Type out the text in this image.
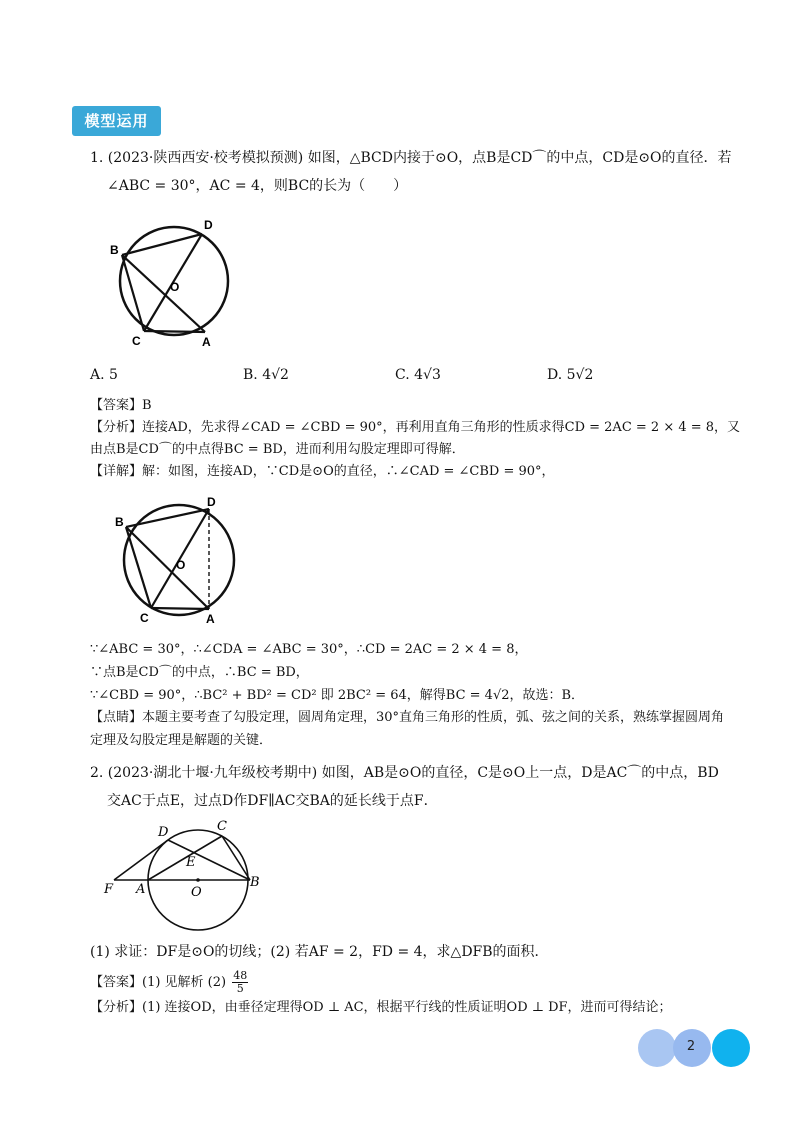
模型运用
1. (2023·陕西西安·校考模拟预测) 如图，△BCD内接于⊙O，点B是CD⌒的中点，CD是⊙O的直径．若
∠ABC = 30°，AC = 4，则BC的长为（　　）
B
D
O
C	A
A. 5	B. 4√2	C. 4√3	D. 5√2
【答案】B
【分析】连接AD，先求得∠CAD = ∠CBD = 90°，再利用直角三角形的性质求得CD = 2AC = 2 × 4 = 8，又
由点B是CD⌒的中点得BC = BD，进而利用勾股定理即可得解．
【详解】解：如图，连接AD，∵CD是⊙O的直径，∴∠CAD = ∠CBD = 90°，
B
D
O
C	A
∵∠ABC = 30°，∴∠CDA = ∠ABC = 30°，∴CD = 2AC = 2 × 4 = 8，
∵点B是CD⌒的中点，∴BC = BD，
∵∠CBD = 90°，∴BC² + BD² = CD² 即 2BC² = 64，解得BC = 4√2，故选：B．
【点睛】本题主要考查了勾股定理，圆周角定理，30°直角三角形的性质，弧、弦之间的关系，熟练掌握圆周角
定理及勾股定理是解题的关键．
2. (2023·湖北十堰·九年级校考期中) 如图，AB是⊙O的直径，C是⊙O上一点，D是AC⌒的中点，BD
交AC于点E，过点D作DF∥AC交BA的延长线于点F．
D	C
E
F A	O
B
(1) 求证：DF是⊙O的切线；(2) 若AF = 2，FD = 4，求△DFB的面积．
【答案】(1) 见解析 $(2) \frac{48}{5}$
【分析】(1) 连接OD，由垂径定理得OD ⊥ AC，根据平行线的性质证明OD ⊥ DF，进而可得结论；
2
